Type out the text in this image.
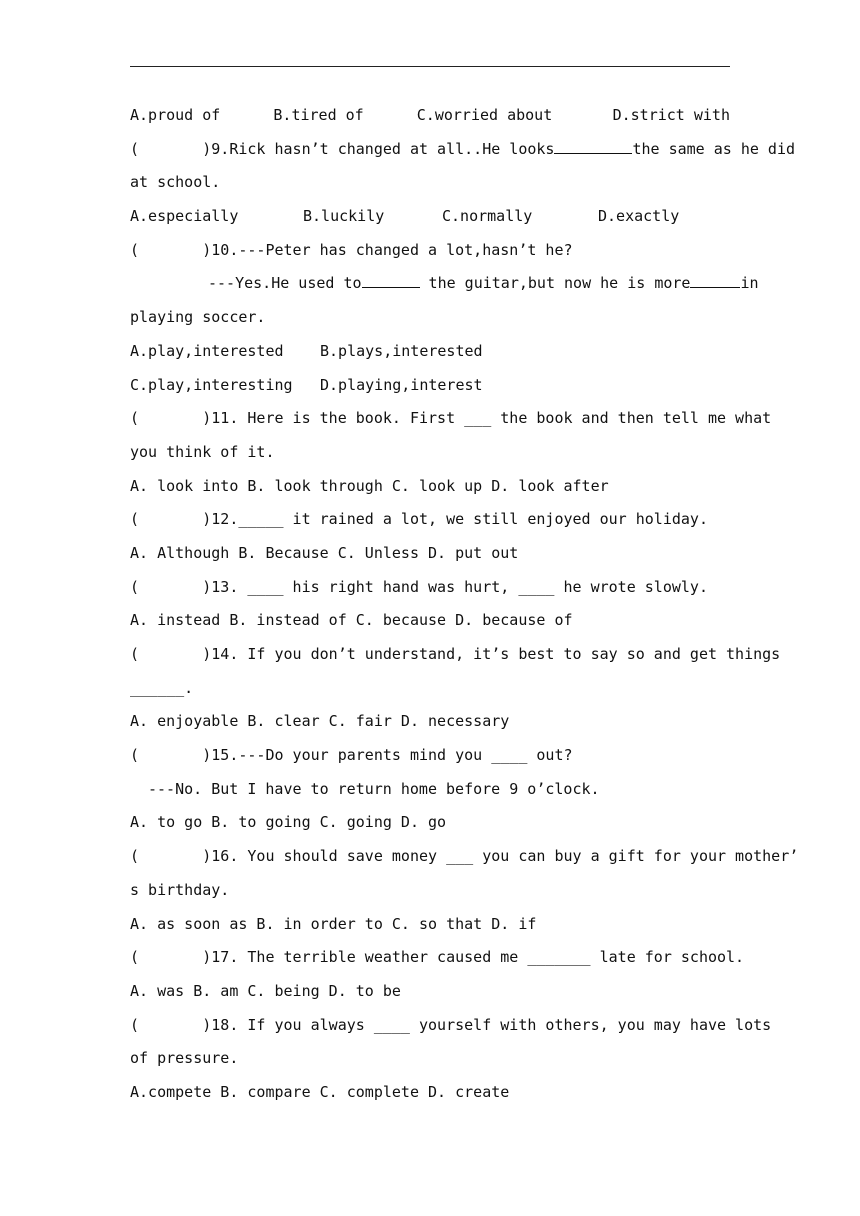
A.proud of	B.tired of	C.worried about	D.strict with
(       )9.Rick hasn’t changed at all..He looks	the same as he did
at school.
A.especially	B.luckily	C.normally	D.exactly
(       )10.---Peter has changed a lot,hasn’t he?
---Yes.He used to	the guitar,but now he is more	in
playing soccer.
A.play,interested	B.plays,interested
C.play,interesting	D.playing,interest
(       )11. Here is the book. First ___ the book and then tell me what
you think of it.
A. look into B. look through C. look up D. look after
(       )12._____ it rained a lot, we still enjoyed our holiday.
A. Although B. Because C. Unless D. put out
(       )13. ____ his right hand was hurt, ____ he wrote slowly.
A. instead B. instead of C. because D. because of
(       )14. If you don’t understand, it’s best to say so and get things
______.
A. enjoyable B. clear C. fair D. necessary
(       )15.---Do your parents mind you ____ out?
---No. But I have to return home before 9 o’clock.
A. to go B. to going C. going D. go
(       )16. You should save money ___ you can buy a gift for your mother’
s birthday.
A. as soon as B. in order to C. so that D. if
(       )17. The terrible weather caused me _______ late for school.
A. was B. am C. being D. to be
(       )18. If you always ____ yourself with others, you may have lots
of pressure.
A.compete B. compare C. complete D. create
